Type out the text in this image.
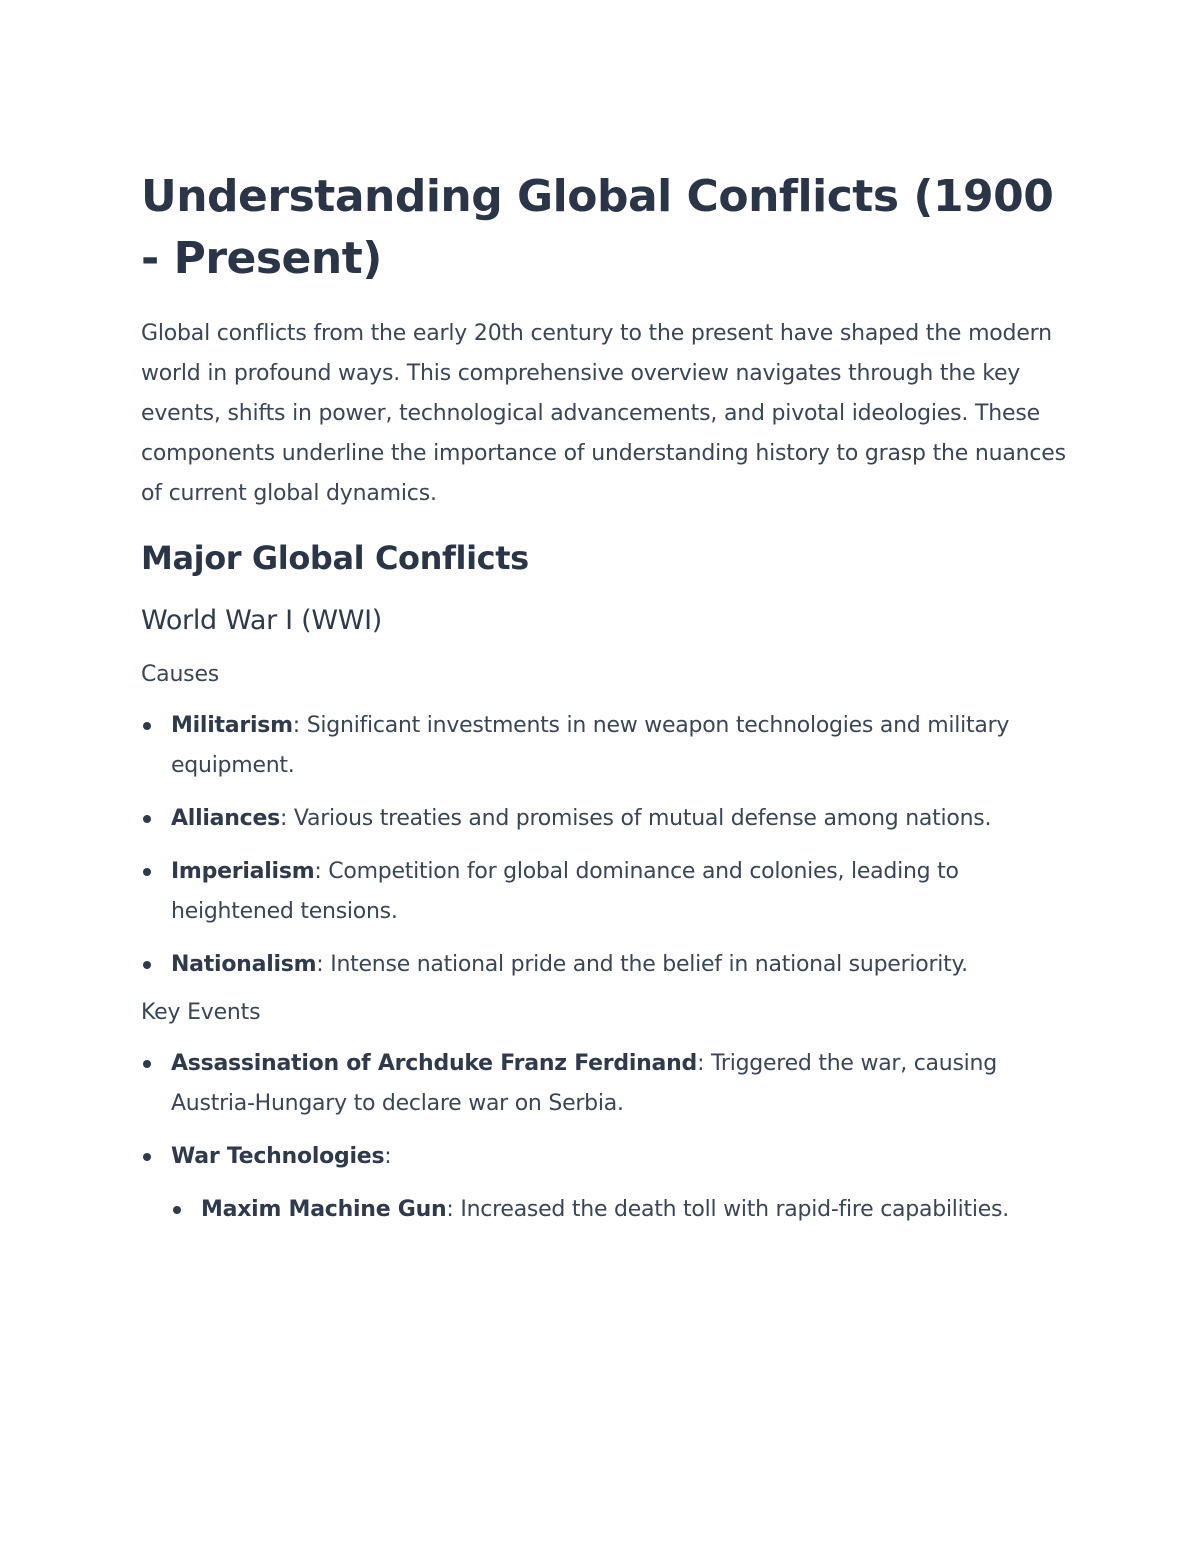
Understanding Global Conflicts (1900 - Present)

Global conflicts from the early 20th century to the present have shaped the modern world in profound ways. This comprehensive overview navigates through the key events, shifts in power, technological advancements, and pivotal ideologies. These components underline the importance of understanding history to grasp the nuances of current global dynamics.

Major Global Conflicts
World War I (WWI)
Causes
Militarism: Significant investments in new weapon technologies and military equipment.
Alliances: Various treaties and promises of mutual defense among nations.
Imperialism: Competition for global dominance and colonies, leading to heightened tensions.
Nationalism: Intense national pride and the belief in national superiority.
Key Events
Assassination of Archduke Franz Ferdinand: Triggered the war, causing Austria-Hungary to declare war on Serbia.
War Technologies:
Maxim Machine Gun: Increased the death toll with rapid-fire capabilities.
